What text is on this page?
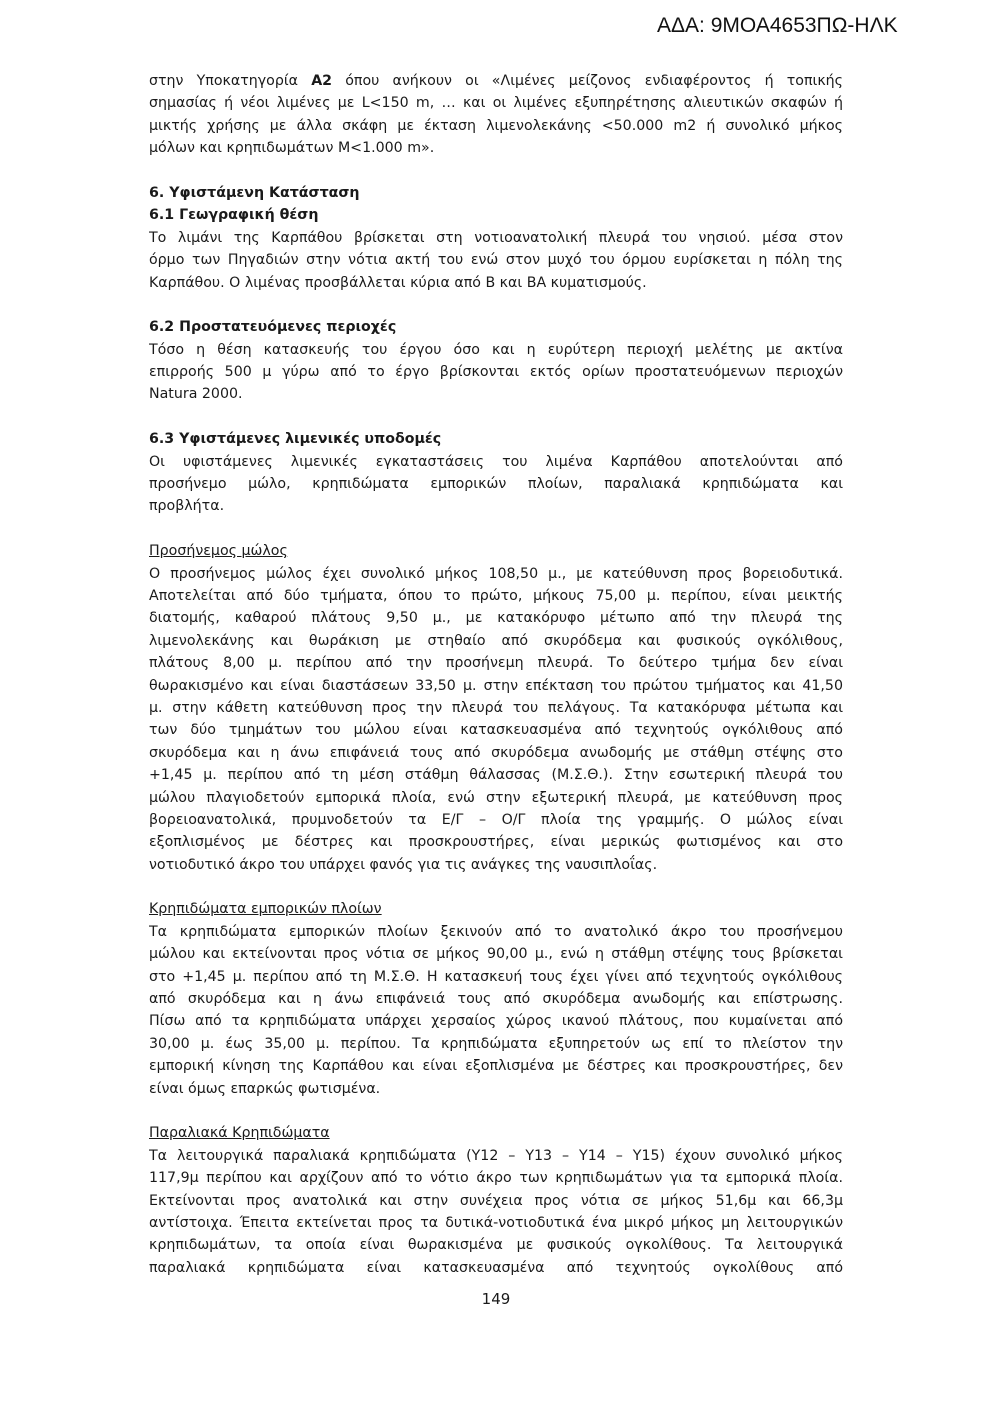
ΑΔΑ: 9ΜΟΑ4653ΠΩ-ΗΛΚ
στην Υποκατηγορία A2 όπου ανήκουν οι «Λιμένες μείζονος ενδιαφέροντος ή τοπικής
σημασίας ή νέοι λιμένες με L<150 m, … και οι λιμένες εξυπηρέτησης αλιευτικών σκαφών ή
μικτής χρήσης με άλλα σκάφη με έκταση λιμενολεκάνης <50.000 m2 ή συνολικό μήκος
μόλων και κρηπιδωμάτων Μ<1.000 m».
6. Υφιστάμενη Κατάσταση
6.1 Γεωγραφική θέση
Το λιμάνι της Καρπάθου βρίσκεται στη νοτιοανατολική πλευρά του νησιού. μέσα στον
όρμο των Πηγαδιών στην νότια ακτή του ενώ στον μυχό του όρμου ευρίσκεται η πόλη της
Καρπάθου. Ο λιμένας προσβάλλεται κύρια από Β και ΒΑ κυματισμούς.
6.2 Προστατευόμενες περιοχές
Τόσο η θέση κατασκευής του έργου όσο και η ευρύτερη περιοχή μελέτης με ακτίνα
επιρροής 500 μ γύρω από το έργο βρίσκονται εκτός ορίων προστατευόμενων περιοχών
Natura 2000.
6.3 Υφιστάμενες λιμενικές υποδομές
Οι υφιστάμενες λιμενικές εγκαταστάσεις του λιμένα Καρπάθου αποτελούνται από
προσήνεμο μώλο, κρηπιδώματα εμπορικών πλοίων, παραλιακά κρηπιδώματα και
προβλήτα.
Προσήνεμος μώλος
Ο προσήνεμος μώλος έχει συνολικό μήκος 108,50 μ., με κατεύθυνση προς βορειοδυτικά.
Αποτελείται από δύο τμήματα, όπου το πρώτο, μήκους 75,00 μ. περίπου, είναι μεικτής
διατομής, καθαρού πλάτους 9,50 μ., με κατακόρυφο μέτωπο από την πλευρά της
λιμενολεκάνης και θωράκιση με στηθαίο από σκυρόδεμα και φυσικούς ογκόλιθους,
πλάτους 8,00 μ. περίπου από την προσήνεμη πλευρά. Το δεύτερο τμήμα δεν είναι
θωρακισμένο και είναι διαστάσεων 33,50 μ. στην επέκταση του πρώτου τμήματος και 41,50
μ. στην κάθετη κατεύθυνση προς την πλευρά του πελάγους. Τα κατακόρυφα μέτωπα και
των δύο τμημάτων του μώλου είναι κατασκευασμένα από τεχνητούς ογκόλιθους από
σκυρόδεμα και η άνω επιφάνειά τους από σκυρόδεμα ανωδομής με στάθμη στέψης στο
+1,45 μ. περίπου από τη μέση στάθμη θάλασσας (Μ.Σ.Θ.). Στην εσωτερική πλευρά του
μώλου πλαγιοδετούν εμπορικά πλοία, ενώ στην εξωτερική πλευρά, με κατεύθυνση προς
βορειοανατολικά, πρυμνοδετούν τα Ε/Γ – Ο/Γ πλοία της γραμμής. Ο μώλος είναι
εξοπλισμένος με δέστρες και προσκρουστήρες, είναι μερικώς φωτισμένος και στο
νοτιοδυτικό άκρο του υπάρχει φανός για τις ανάγκες της ναυσιπλοΐας.
Κρηπιδώματα εμπορικών πλοίων
Τα κρηπιδώματα εμπορικών πλοίων ξεκινούν από το ανατολικό άκρο του προσήνεμου
μώλου και εκτείνονται προς νότια σε μήκος 90,00 μ., ενώ η στάθμη στέψης τους βρίσκεται
στο +1,45 μ. περίπου από τη Μ.Σ.Θ. Η κατασκευή τους έχει γίνει από τεχνητούς ογκόλιθους
από σκυρόδεμα και η άνω επιφάνειά τους από σκυρόδεμα ανωδομής και επίστρωσης.
Πίσω από τα κρηπιδώματα υπάρχει χερσαίος χώρος ικανού πλάτους, που κυμαίνεται από
30,00 μ. έως 35,00 μ. περίπου. Τα κρηπιδώματα εξυπηρετούν ως επί το πλείστον την
εμπορική κίνηση της Καρπάθου και είναι εξοπλισμένα με δέστρες και προσκρουστήρες, δεν
είναι όμως επαρκώς φωτισμένα.
Παραλιακά Κρηπιδώματα
Τα λειτουργικά παραλιακά κρηπιδώματα (Υ12 – Υ13 – Υ14 – Υ15) έχουν συνολικό μήκος
117,9μ περίπου και αρχίζουν από το νότιο άκρο των κρηπιδωμάτων για τα εμπορικά πλοία.
Εκτείνονται προς ανατολικά και στην συνέχεια προς νότια σε μήκος 51,6μ και 66,3μ
αντίστοιχα. Έπειτα εκτείνεται προς τα δυτικά-νοτιοδυτικά ένα μικρό μήκος μη λειτουργικών
κρηπιδωμάτων, τα οποία είναι θωρακισμένα με φυσικούς ογκολίθους. Τα λειτουργικά
παραλιακά κρηπιδώματα είναι κατασκευασμένα από τεχνητούς ογκολίθους από
149
